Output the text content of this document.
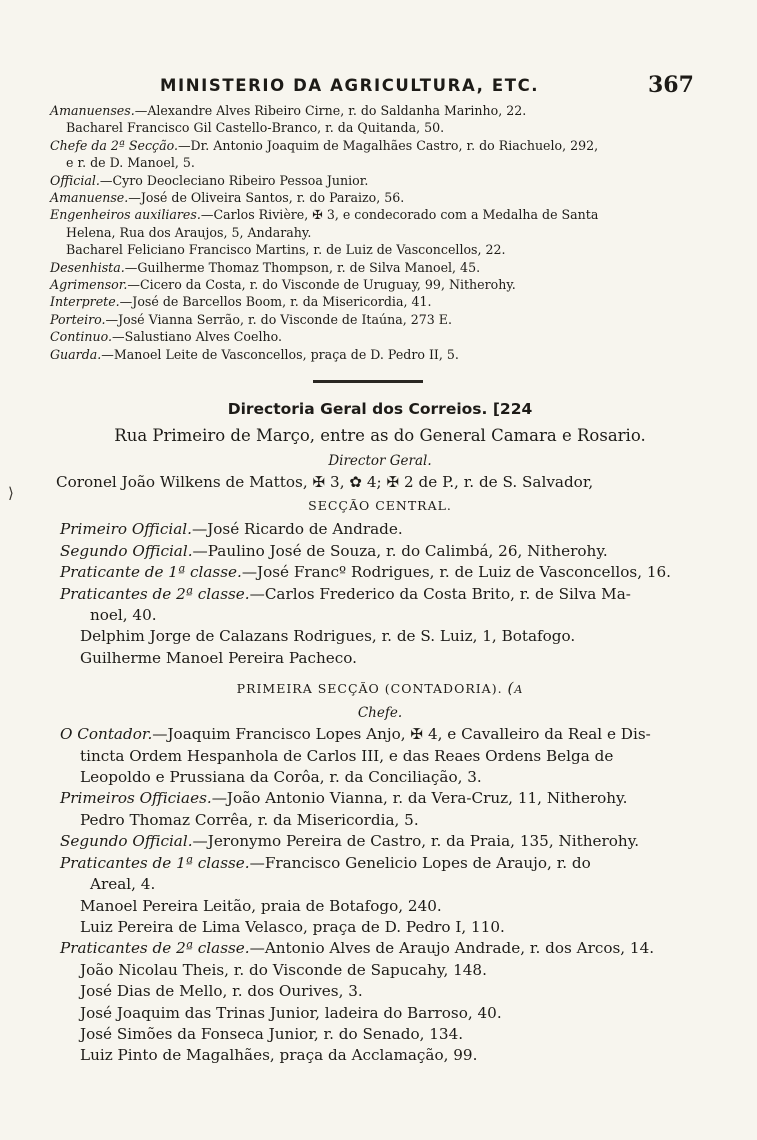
MINISTERIO DA AGRICULTURA, ETC.	367
Amanuenses.—Alexandre Alves Ribeiro Cirne, r. do Saldanha Marinho, 22.
Bacharel Francisco Gil Castello-Branco, r. da Quitanda, 50.
Chefe da 2ª Secção.—Dr. Antonio Joaquim de Magalhães Castro, r. do Riachuelo, 292,
e r. de D. Manoel, 5.
Official.—Cyro Deocleciano Ribeiro Pessoa Junior.
Amanuense.—José de Oliveira Santos, r. do Paraizo, 56.
Engenheiros auxiliares.—Carlos Rivière, ✠ 3, e condecorado com a Medalha de Santa
Helena, Rua dos Araujos, 5, Andarahy.
Bacharel Feliciano Francisco Martins, r. de Luiz de Vasconcellos, 22.
Desenhista.—Guilherme Thomaz Thompson, r. de Silva Manoel, 45.
Agrimensor.—Cicero da Costa, r. do Visconde de Uruguay, 99, Nitherohy.
Interprete.—José de Barcellos Boom, r. da Misericordia, 41.
Porteiro.—José Vianna Serrão, r. do Visconde de Itaúna, 273 E.
Continuo.—Salustiano Alves Coelho.
Guarda.—Manoel Leite de Vasconcellos, praça de D. Pedro II, 5.
⟩
Directoria Geral dos Correios. [224
Rua Primeiro de Março, entre as do General Camara e Rosario.
Director Geral.
Coronel João Wilkens de Mattos, ✠ 3, ✿ 4; ✠ 2 de P., r. de S. Salvador,
SECÇÃO CENTRAL.
Primeiro Official.—José Ricardo de Andrade.
Segundo Official.—Paulino José de Souza, r. do Calimbá, 26, Nitherohy.
Praticante de 1ª classe.—José Francº Rodrigues, r. de Luiz de Vasconcellos, 16.
Praticantes de 2ª classe.—Carlos Frederico da Costa Brito, r. de Silva Ma-
noel, 40.
Delphim Jorge de Calazans Rodrigues, r. de S. Luiz, 1, Botafogo.
Guilherme Manoel Pereira Pacheco.
PRIMEIRA SECÇÃO (CONTADORIA). (a
Chefe.
O Contador.—Joaquim Francisco Lopes Anjo, ✠ 4, e Cavalleiro da Real e Dis-
tincta Ordem Hespanhola de Carlos III, e das Reaes Ordens Belga de
Leopoldo e Prussiana da Corôa, r. da Conciliação, 3.
Primeiros Officiaes.—João Antonio Vianna, r. da Vera-Cruz, 11, Nitherohy.
Pedro Thomaz Corrêa, r. da Misericordia, 5.
Segundo Official.—Jeronymo Pereira de Castro, r. da Praia, 135, Nitherohy.
Praticantes de 1ª classe.—Francisco Genelicio Lopes de Araujo, r. do
Areal, 4.
Manoel Pereira Leitão, praia de Botafogo, 240.
Luiz Pereira de Lima Velasco, praça de D. Pedro I, 110.
Praticantes de 2ª classe.—Antonio Alves de Araujo Andrade, r. dos Arcos, 14.
João Nicolau Theis, r. do Visconde de Sapucahy, 148.
José Dias de Mello, r. dos Ourives, 3.
José Joaquim das Trinas Junior, ladeira do Barroso, 40.
José Simões da Fonseca Junior, r. do Senado, 134.
Luiz Pinto de Magalhães, praça da Acclamação, 99.
